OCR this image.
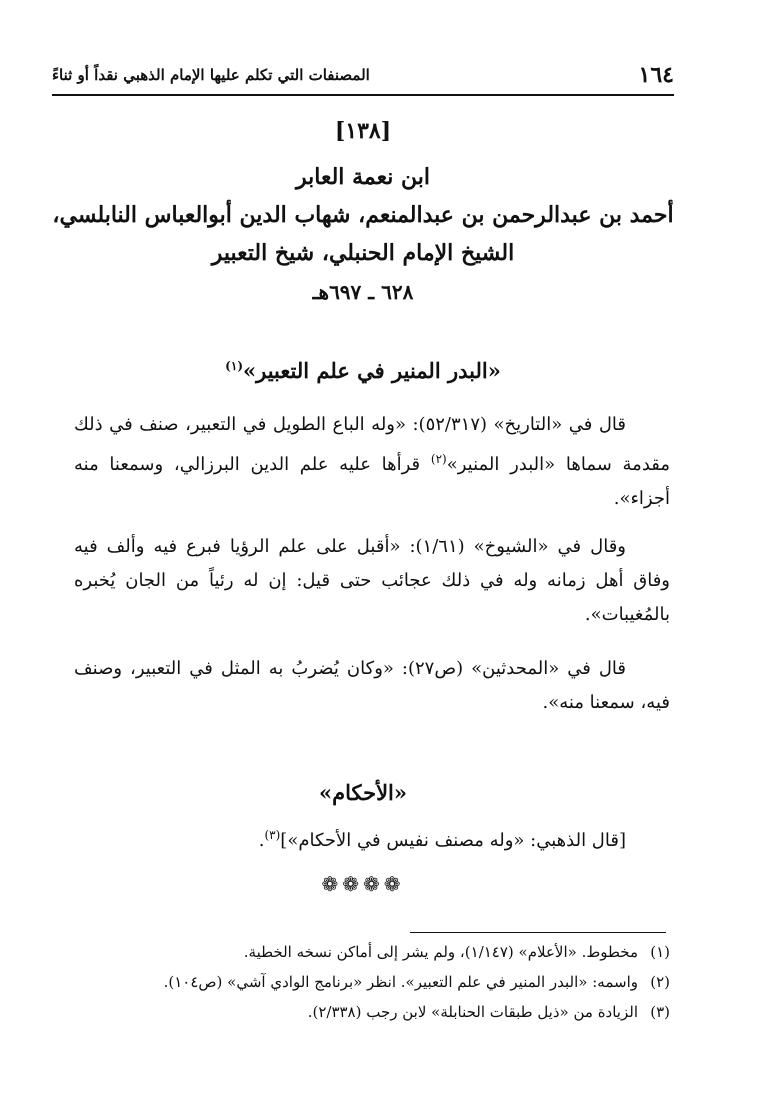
١٦٤
المصنفات التي تكلم عليها الإمام الذهبي نقداً أو ثناءً
[١٣٨]
ابن نعمة العابر
أحمد بن عبدالرحمن بن عبدالمنعم، شهاب الدين أبوالعباس النابلسي،
الشيخ الإمام الحنبلي، شيخ التعبير
٦٢٨ ـ ٦٩٧هـ
«البدر المنير في علم التعبير»$^{(١)}$
قال في «التاريخ» (٥٢/٣١٧): «وله الباع الطويل في التعبير، صنف في ذلك مقدمة سماها «البدر المنير»$^{(٢)}$ قرأها عليه علم الدين البرزالي، وسمعنا منه أجزاء».
وقال في «الشيوخ» (١/٦١): «أقبل على علم الرؤيا فبرع فيه وألف فيه وفاق أهل زمانه وله في ذلك عجائب حتى قيل: إن له رئياً من الجان يُخبره بالمُغيبات».
قال في «المحدثين» (ص٢٧): «وكان يُضربُ به المثل في التعبير، وصنف فيه، سمعنا منه».
«الأحكام»
[قال الذهبي: «وله مصنف نفيس في الأحكام»]$^{(٣)}$.
❁❁❁❁
(١)مخطوط. «الأعلام» (١/١٤٧)، ولم يشر إلى أماكن نسخه الخطية.
(٢)واسمه: «البدر المنير في علم التعبير». انظر «برنامج الوادي آشي» (ص١٠٤).
(٣)الزيادة من «ذيل طبقات الحنابلة» لابن رجب (٢/٣٣٨).
